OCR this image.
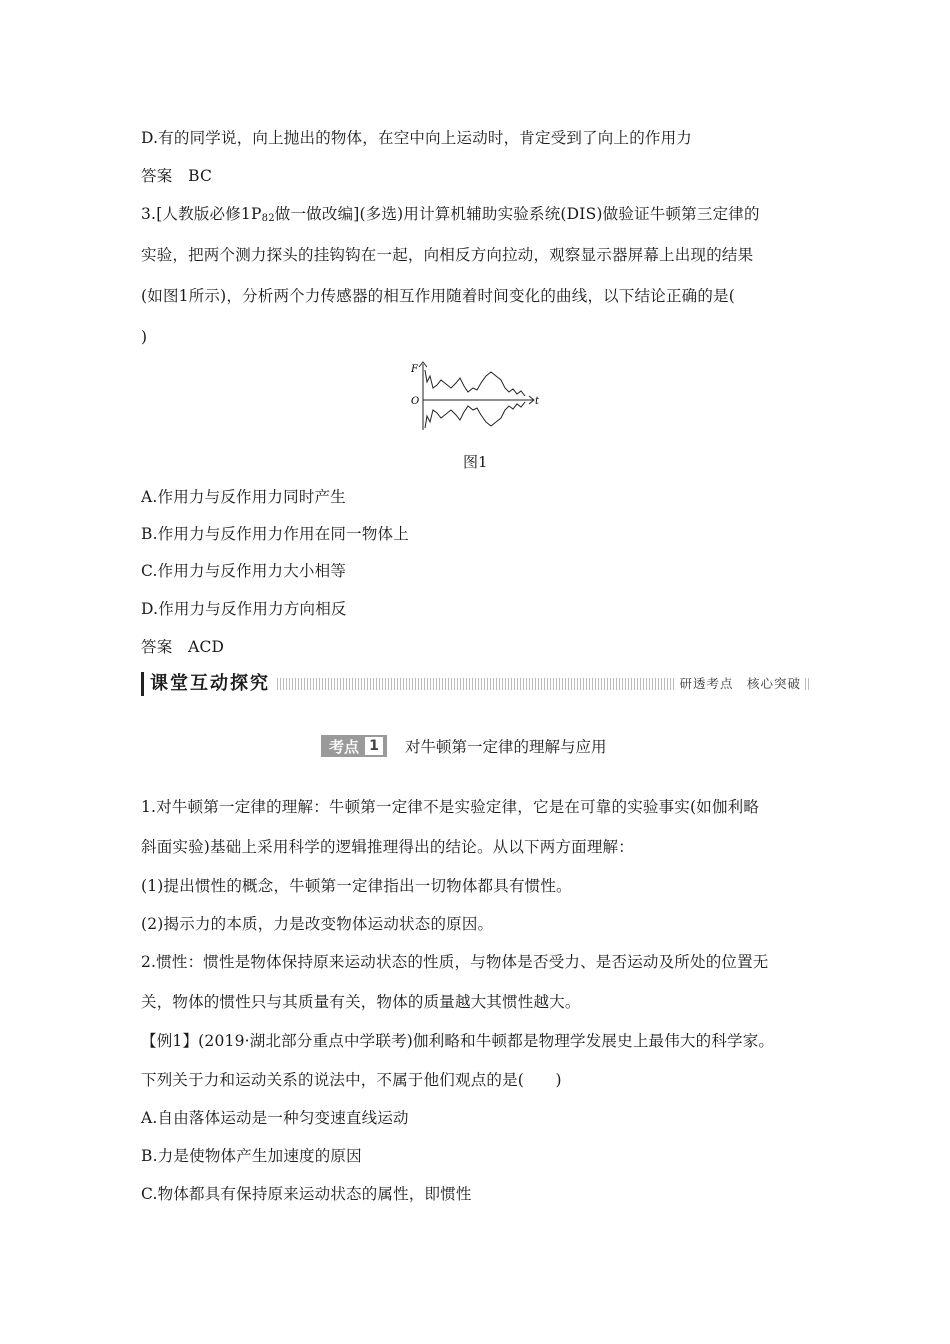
D.有的同学说，向上抛出的物体，在空中向上运动时，肯定受到了向上的作用力
答案　BC
3.[人教版必修$1P_{82}$做一做改编](多选)用计算机辅助实验系统(DIS)做验证牛顿第三定律的
实验，把两个测力探头的挂钩钩在一起，向相反方向拉动，观察显示器屏幕上出现的结果
(如图1所示)，分析两个力传感器的相互作用随着时间变化的曲线，以下结论正确的是(
)
F
O	t
图1
A.作用力与反作用力同时产生
B.作用力与反作用力作用在同一物体上
C.作用力与反作用力大小相等
D.作用力与反作用力方向相反
答案　ACD
课堂互动探究	研透考点　核心突破
考点 1 对牛顿第一定律的理解与应用
1.对牛顿第一定律的理解：牛顿第一定律不是实验定律，它是在可靠的实验事实(如伽利略
斜面实验)基础上采用科学的逻辑推理得出的结论。从以下两方面理解：
(1)提出惯性的概念，牛顿第一定律指出一切物体都具有惯性。
(2)揭示力的本质，力是改变物体运动状态的原因。
2.惯性：惯性是物体保持原来运动状态的性质，与物体是否受力、是否运动及所处的位置无
关，物体的惯性只与其质量有关，物体的质量越大其惯性越大。
【例1】(2019·湖北部分重点中学联考)伽利略和牛顿都是物理学发展史上最伟大的科学家。
下列关于力和运动关系的说法中，不属于他们观点的是(　　)
A.自由落体运动是一种匀变速直线运动
B.力是使物体产生加速度的原因
C.物体都具有保持原来运动状态的属性，即惯性
